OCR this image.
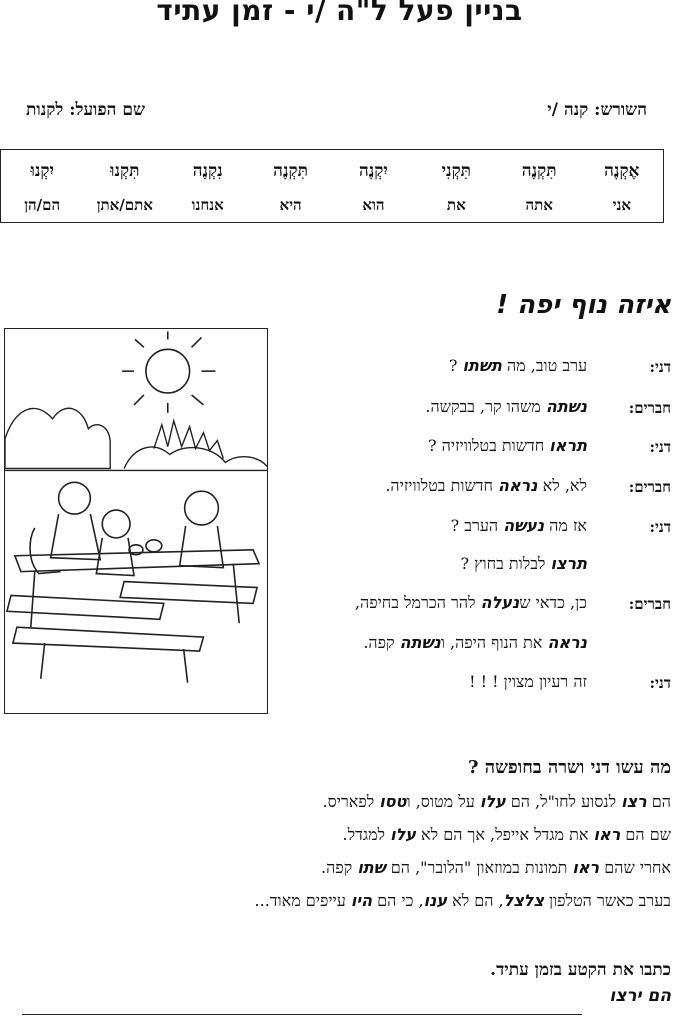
בניין פעל ל"ה /י - זמן עתיד
השורש: קנה /י
שם הפועל: לקנות
אֶקְנֶה	תִּקְנֶה	תִּקְנִי	יִקְנֶה	תִּקְנֶה	נִקְנֶה	תִּקְנוּ	יִקְנוּ
אני	אתה	את	הוא	היא	אנחנו	אתם/אתן	הם/הן
איזה נוף יפה !
דני:
ערב טוב, מה תשתו ?
חברים:
נשתה משהו קר, בבקשה.
דני:
תראו חדשות בטלוויזיה ?
חברים:
לא, לא נראה חדשות בטלוויזיה.
דני:
אז מה נעשה הערב ?
תרצו לבלות בחוץ ?
חברים:
כן, כדאי שנעלה להר הכרמל בחיפה,
נראה את הנוף היפה, ונשתה קפה.
דני:
זה רעיון מצוין ! ! !
מה עשו דני ושרה בחופשה ?
הם רצו לנסוע לחו"ל, הם עלו על מטוס, וטסו לפאריס.
שם הם ראו את מגדל אייפל, אך הם לא עלו למגדל.
אחרי שהם ראו תמונות במוזאון "הלובר", הם שתו קפה.
בערב כאשר הטלפון צלצל, הם לא ענו, כי הם היו עייפים מאוד...
כתבו את הקטע בזמן עתיד.
הם ירצו
